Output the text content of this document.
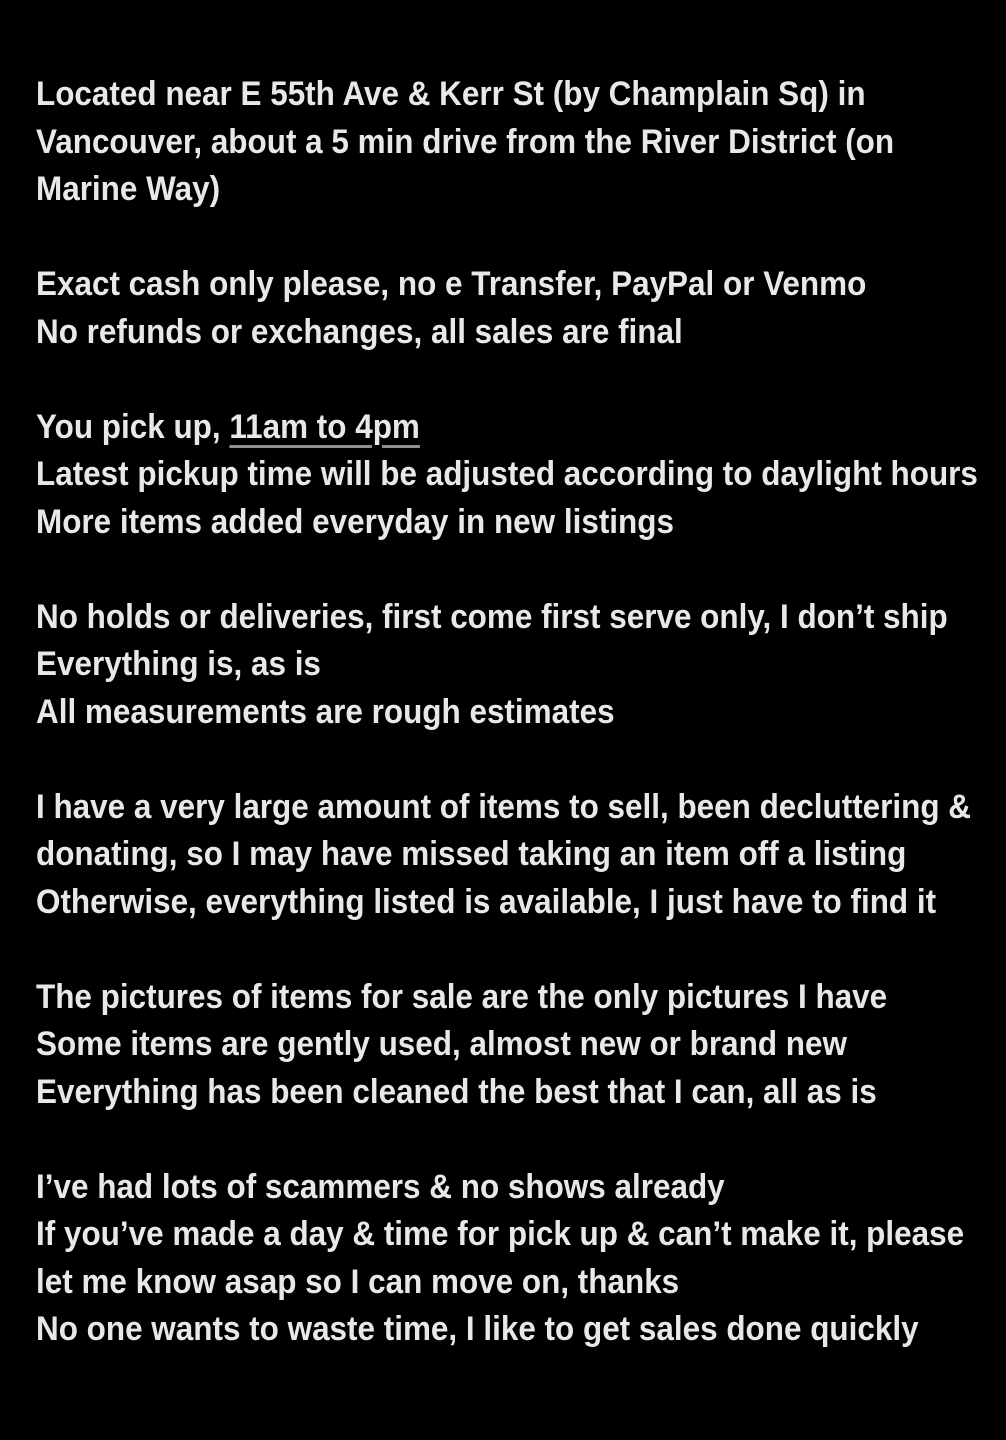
Located near E 55th Ave & Kerr St (by Champlain Sq) in
Vancouver, about a 5 min drive from the River District (on
Marine Way)
Exact cash only please, no e Transfer, PayPal or Venmo
No refunds or exchanges, all sales are final
You pick up, 11am to 4pm
Latest pickup time will be adjusted according to daylight hours
More items added everyday in new listings
No holds or deliveries, first come first serve only, I don’t ship
Everything is, as is
All measurements are rough estimates
I have a very large amount of items to sell, been decluttering &
donating, so I may have missed taking an item off a listing
Otherwise, everything listed is available, I just have to find it
The pictures of items for sale are the only pictures I have
Some items are gently used, almost new or brand new
Everything has been cleaned the best that I can, all as is
I’ve had lots of scammers & no shows already
If you’ve made a day & time for pick up & can’t make it, please
let me know asap so I can move on, thanks
No one wants to waste time, I like to get sales done quickly
